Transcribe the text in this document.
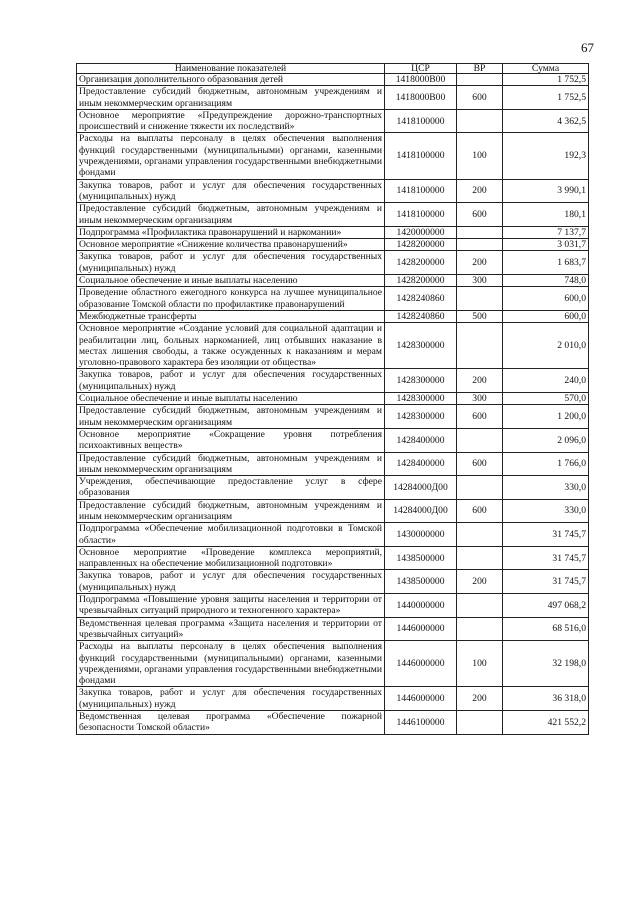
67
Наименование показателей	ЦСР	ВР	Сумма
Организация дополнительного образования детей	1418000В00		1 752,5
Предоставление субсидий бюджетным, автономным учреждениям и иным некоммерческим организациям	1418000В00	600	1 752,5
Основное мероприятие «Предупреждение дорожно-транспортных происшествий и снижение тяжести их последствий»	1418100000		4 362,5
Расходы на выплаты персоналу в целях обеспечения выполнения функций государственными (муниципальными) органами, казенными учреждениями, органами управления государственными внебюджетными фондами	1418100000	100	192,3
Закупка товаров, работ и услуг для обеспечения государственных (муниципальных) нужд	1418100000	200	3 990,1
Предоставление субсидий бюджетным, автономным учреждениям и иным некоммерческим организациям	1418100000	600	180,1
Подпрограмма «Профилактика правонарушений и наркомании»	1420000000		7 137,7
Основное мероприятие «Снижение количества правонарушений»	1428200000		3 031,7
Закупка товаров, работ и услуг для обеспечения государственных (муниципальных) нужд	1428200000	200	1 683,7
Социальное обеспечение и иные выплаты населению	1428200000	300	748,0
Проведение областного ежегодного конкурса на лучшее муниципальное образование Томской области по профилактике правонарушений	1428240860		600,0
Межбюджетные трансферты	1428240860	500	600,0
Основное мероприятие «Создание условий для социальной адаптации и реабилитации лиц, больных наркоманией, лиц отбывших наказание в местах лишения свободы, а также осужденных к наказаниям и мерам уголовно-правового характера без изоляции от общества»	1428300000		2 010,0
Закупка товаров, работ и услуг для обеспечения государственных (муниципальных) нужд	1428300000	200	240,0
Социальное обеспечение и иные выплаты населению	1428300000	300	570,0
Предоставление субсидий бюджетным, автономным учреждениям и иным некоммерческим организациям	1428300000	600	1 200,0
Основное мероприятие «Сокращение уровня потребления психоактивных веществ»	1428400000		2 096,0
Предоставление субсидий бюджетным, автономным учреждениям и иным некоммерческим организациям	1428400000	600	1 766,0
Учреждения, обеспечивающие предоставление услуг в сфере образования	14284000Д00		330,0
Предоставление субсидий бюджетным, автономным учреждениям и иным некоммерческим организациям	14284000Д00	600	330,0
Подпрограмма «Обеспечение мобилизационной подготовки в Томской области»	1430000000		31 745,7
Основное мероприятие «Проведение комплекса мероприятий, направленных на обеспечение мобилизационной подготовки»	1438500000		31 745,7
Закупка товаров, работ и услуг для обеспечения государственных (муниципальных) нужд	1438500000	200	31 745,7
Подпрограмма «Повышение уровня защиты населения и территории от чрезвычайных ситуаций природного и техногенного характера»	1440000000		497 068,2
Ведомственная целевая программа «Защита населения и территории от чрезвычайных ситуаций»	1446000000		68 516,0
Расходы на выплаты персоналу в целях обеспечения выполнения функций государственными (муниципальными) органами, казенными учреждениями, органами управления государственными внебюджетными фондами	1446000000	100	32 198,0
Закупка товаров, работ и услуг для обеспечения государственных (муниципальных) нужд	1446000000	200	36 318,0
Ведомственная целевая программа «Обеспечение пожарной безопасности Томской области»	1446100000		421 552,2
